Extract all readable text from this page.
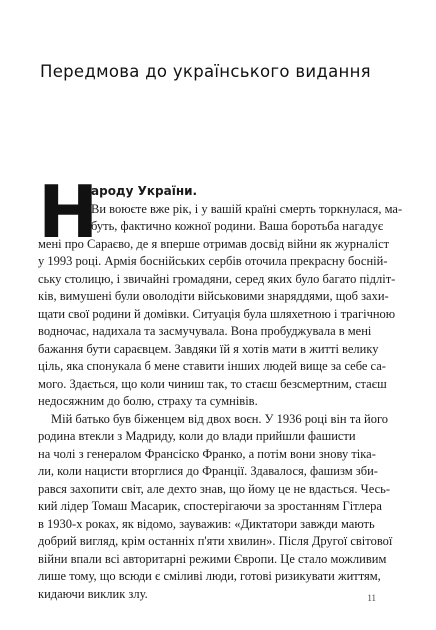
Передмова до українського видання
Н
ароду України.
Ви воюєте вже рік, і у вашій країні смерть торкнулася, ма-
буть, фактично кожної родини. Ваша боротьба нагадує
мені про Сараєво, де я вперше отримав досвід війни як журналіст
у 1993 році. Армія боснійських сербів оточила прекрасну босній-
ську столицю, і звичайні громадяни, серед яких було багато підліт-
ків, вимушені були оволодіти військовими знаряддями, щоб захи-
щати свої родини й домівки. Ситуація була шляхетною і трагічною
водночас, надихала та засмучувала. Вона пробуджувала в мені
бажання бути сараєвцем. Завдяки їй я хотів мати в житті велику
ціль, яка спонукала б мене ставити інших людей вище за себе са-
мого. Здається, що коли чиниш так, то стаєш безсмертним, стаєш
недосяжним до болю, страху та сумнівів.
Мій батько був біженцем від двох воєн. У 1936 році він та його
родина втекли з Мадриду, коли до влади прийшли фашисти
на чолі з генералом Франсіско Франко, а потім вони знову тіка-
ли, коли нацисти вторглися до Франції. Здавалося, фашизм зби-
рався захопити світ, але дехто знав, що йому це не вдасться. Чесь-
кий лідер Томаш Масарик, спостерігаючи за зростанням Гітлера
в 1930-х роках, як відомо, зауважив: «Диктатори завжди мають
добрий вигляд, крім останніх п'яти хвилин». Після Другої світової
війни впали всі авторитарні режими Європи. Це стало можливим
лише тому, що всюди є сміливі люди, готові ризикувати життям,
кидаючи виклик злу.	11
